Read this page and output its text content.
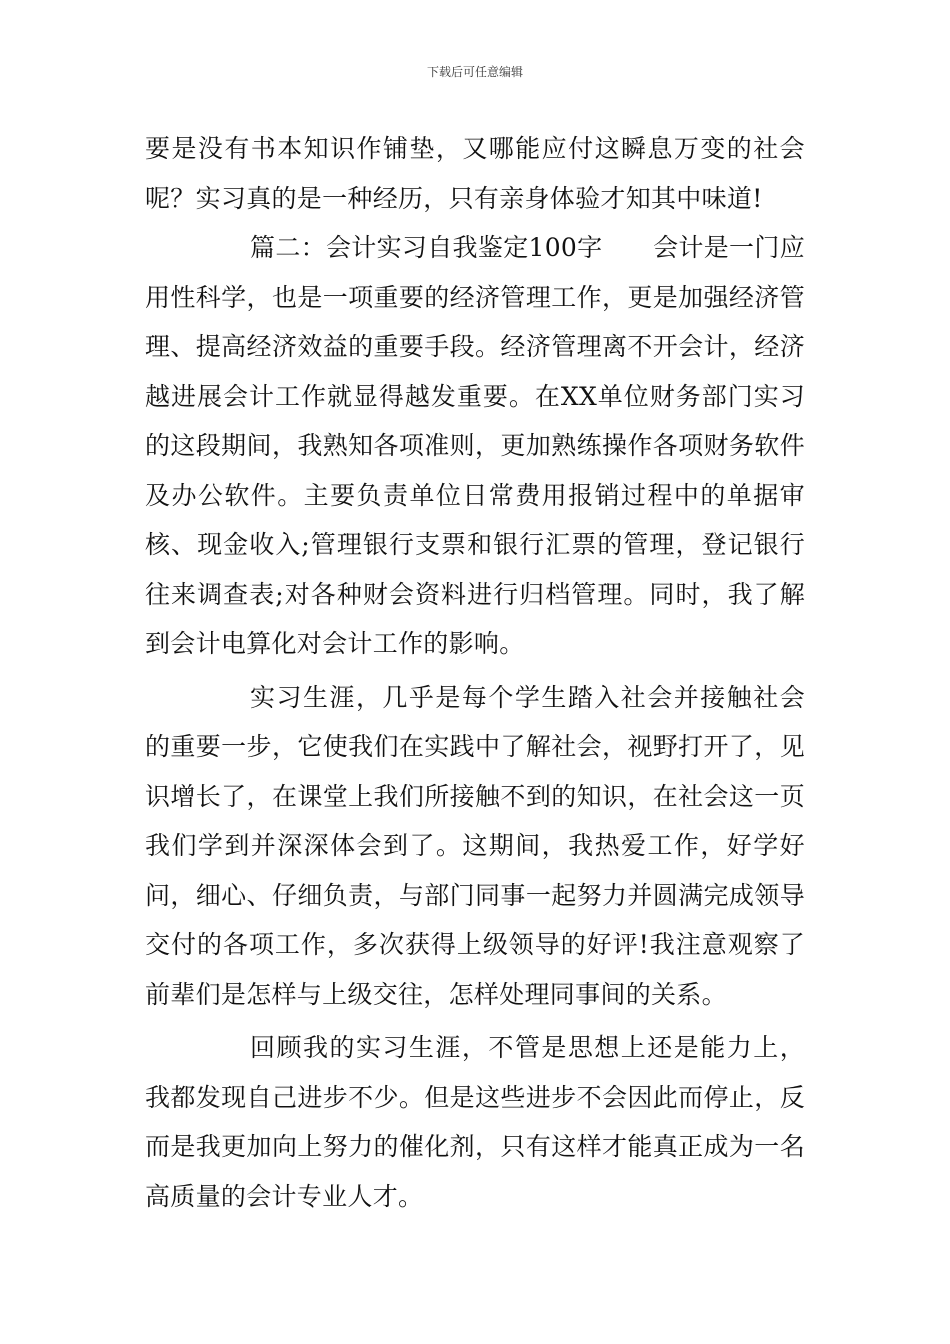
下载后可任意编辑

要是没有书本知识作铺垫，又哪能应付这瞬息万变的社会呢？实习真的是一种经历，只有亲身体验才知其中味道!

篇二：会计实习自我鉴定100字　　会计是一门应用性科学，也是一项重要的经济管理工作，更是加强经济管理、提高经济效益的重要手段。经济管理离不开会计，经济越进展会计工作就显得越发重要。在XX单位财务部门实习的这段期间，我熟知各项准则，更加熟练操作各项财务软件及办公软件。主要负责单位日常费用报销过程中的单据审核、现金收入;管理银行支票和银行汇票的管理，登记银行往来调查表;对各种财会资料进行归档管理。同时，我了解到会计电算化对会计工作的影响。

实习生涯，几乎是每个学生踏入社会并接触社会的重要一步，它使我们在实践中了解社会，视野打开了，见识增长了，在课堂上我们所接触不到的知识，在社会这一页我们学到并深深体会到了。这期间，我热爱工作，好学好问，细心、仔细负责，与部门同事一起努力并圆满完成领导交付的各项工作，多次获得上级领导的好评!我注意观察了前辈们是怎样与上级交往，怎样处理同事间的关系。

回顾我的实习生涯，不管是思想上还是能力上，我都发现自己进步不少。但是这些进步不会因此而停止，反而是我更加向上努力的催化剂，只有这样才能真正成为一名高质量的会计专业人才。
